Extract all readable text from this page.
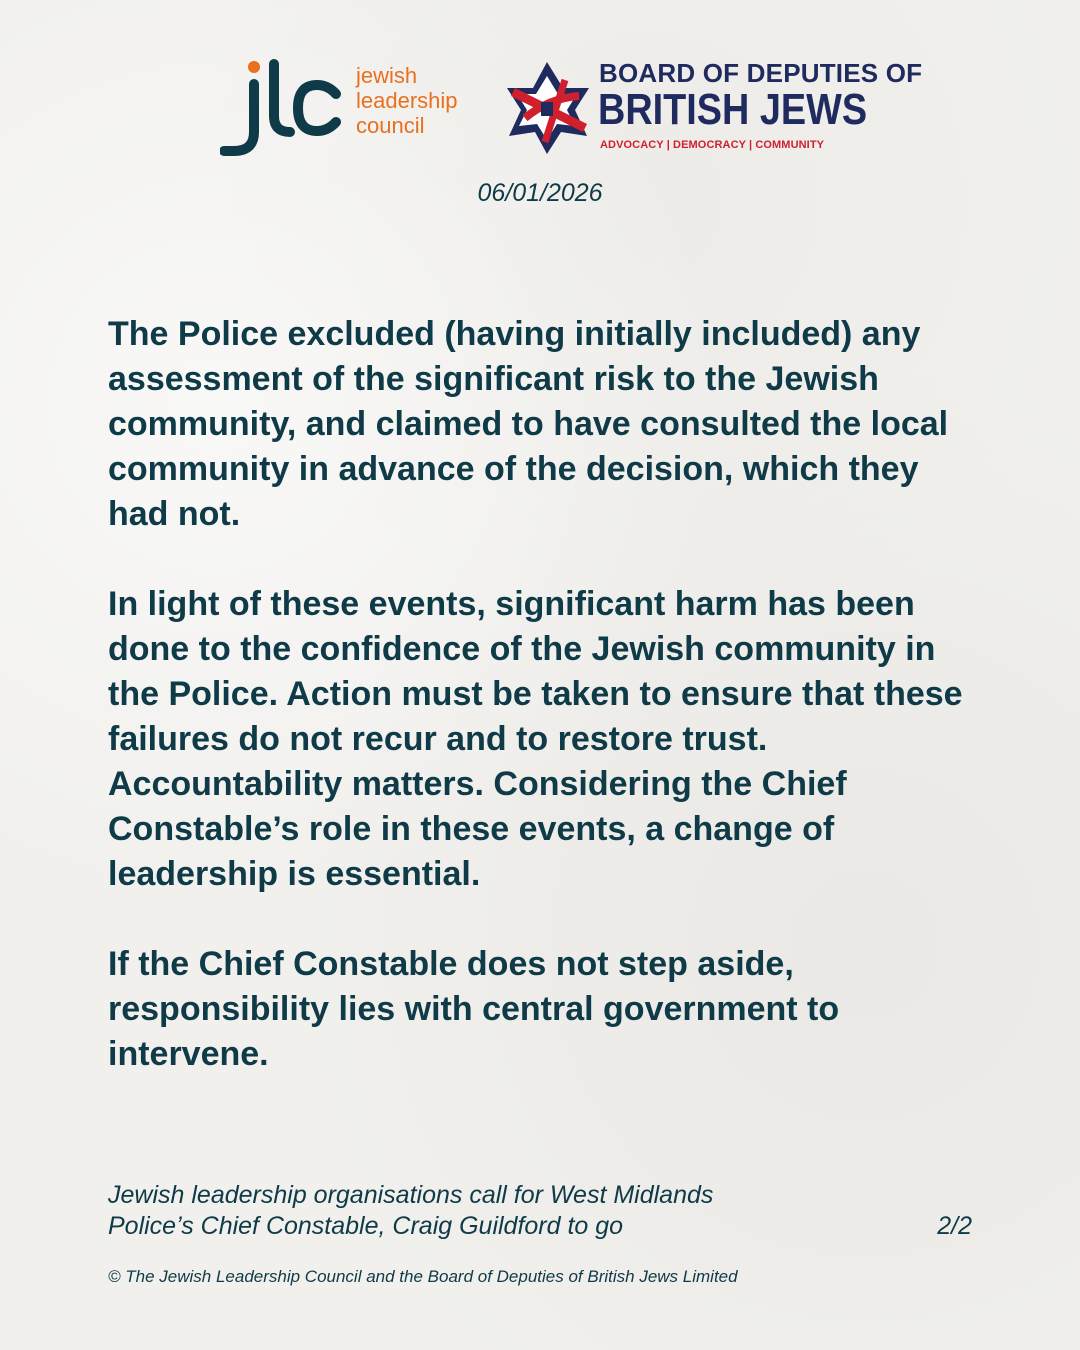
jewish
leadership
council
BOARD OF DEPUTIES OF
BRITISH JEWS
ADVOCACY | DEMOCRACY | COMMUNITY
06/01/2026

The Police excluded (having initially included) any assessment of the significant risk to the Jewish community, and claimed to have consulted the local community in advance of the decision, which they had not.

In light of these events, significant harm has been done to the confidence of the Jewish community in the Police. Action must be taken to ensure that these failures do not recur and to restore trust. Accountability matters. Considering the Chief Constable’s role in these events, a change of leadership is essential.

If the Chief Constable does not step aside, responsibility lies with central government to intervene.

Jewish leadership organisations call for West Midlands
Police’s Chief Constable, Craig Guildford to go	2/2
© The Jewish Leadership Council and the Board of Deputies of British Jews Limited
